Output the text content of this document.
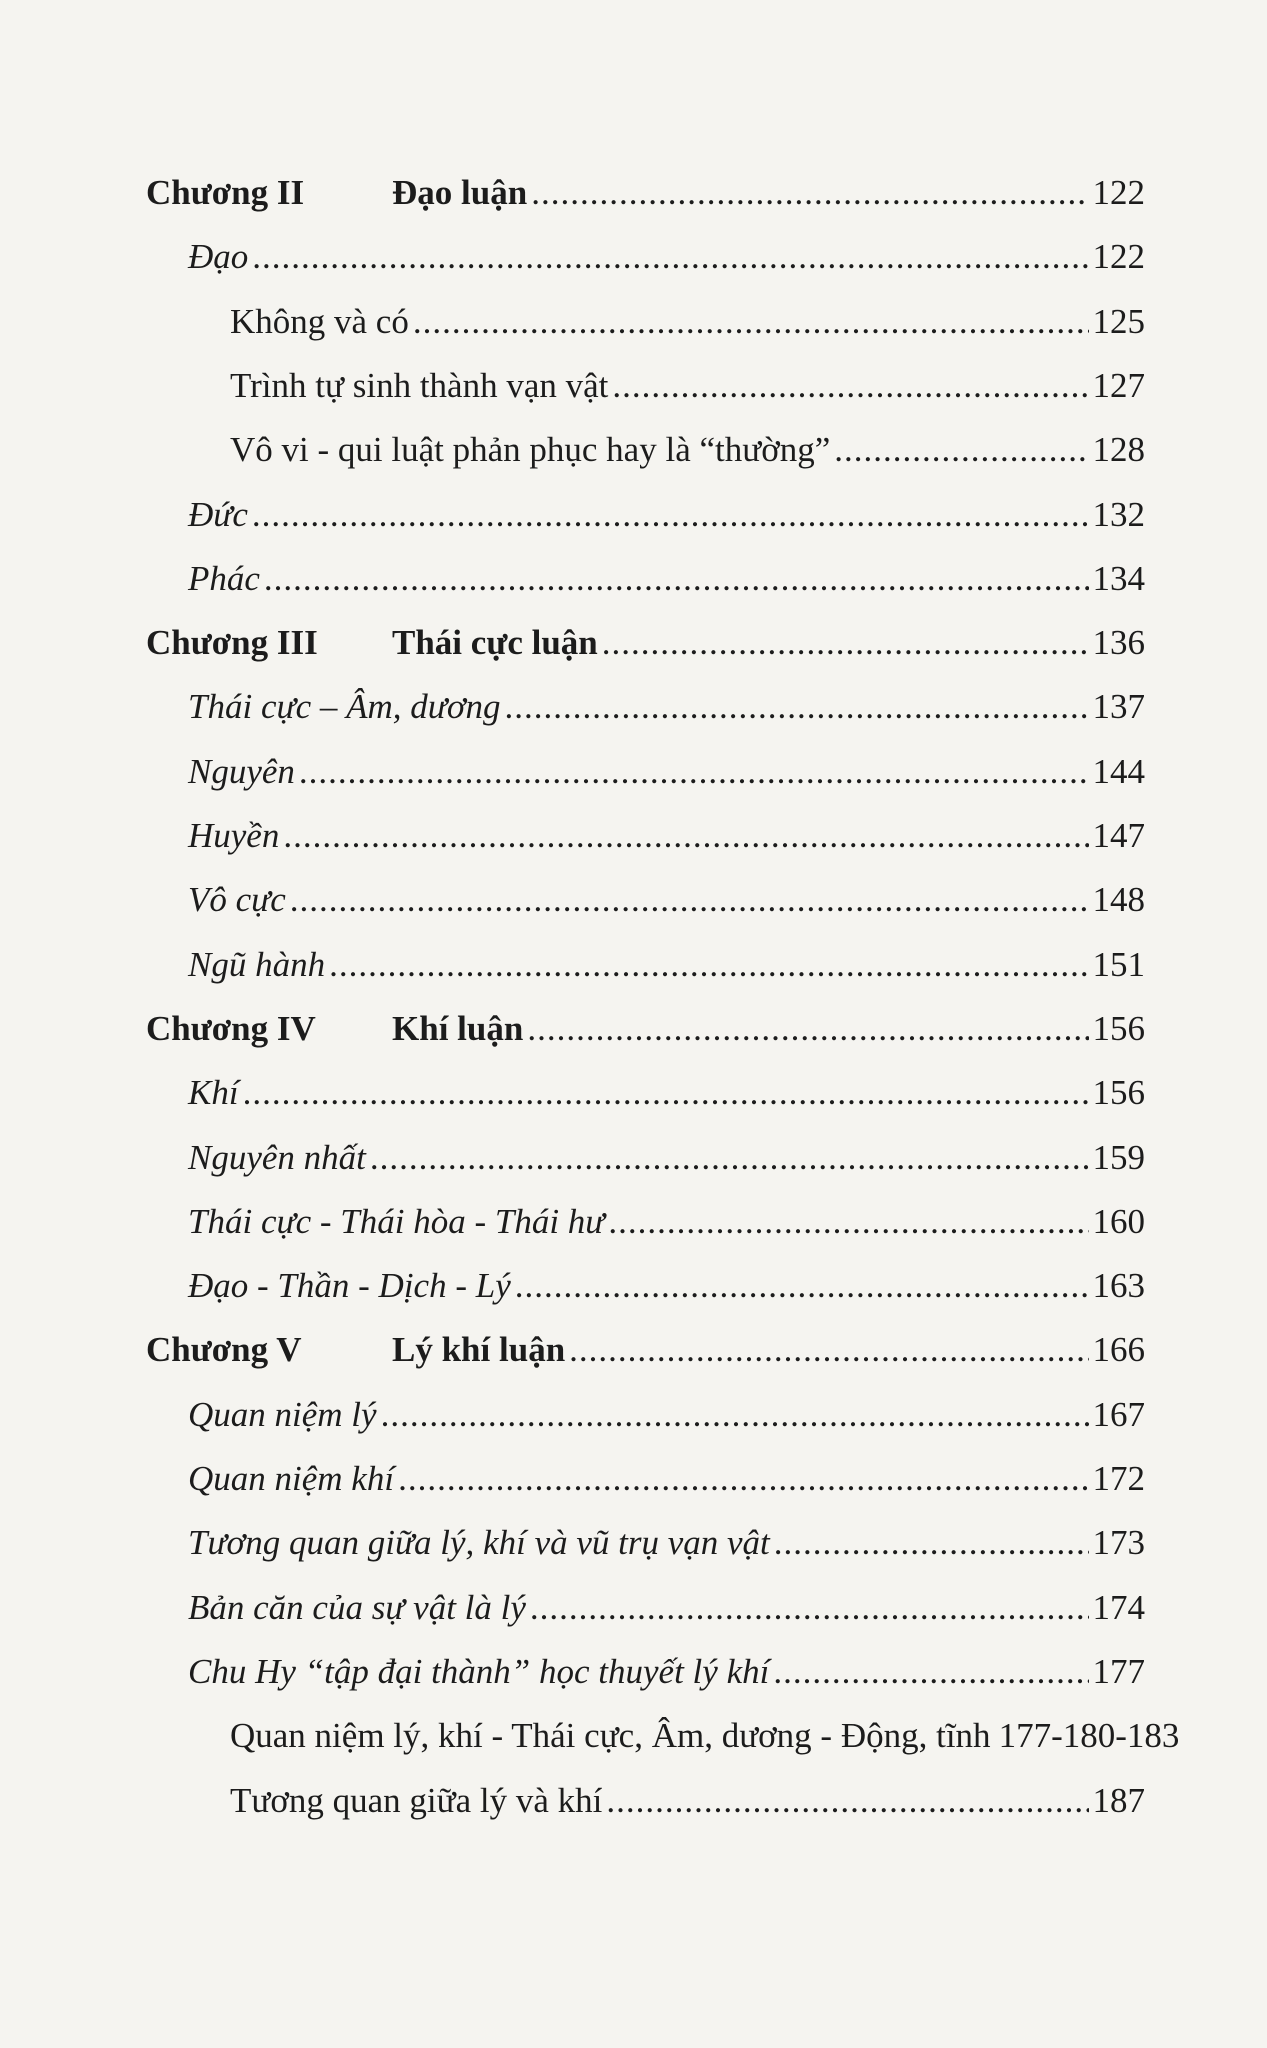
Chương II	Đạo luận .....	122
Đạo .....	122
Không và có .....	125
Trình tự sinh thành vạn vật .....	127
Vô vi - qui luật phản phục hay là “thường” .....	128
Đức .....	132
Phác .....	134
Chương III Thái cực luận .....	136
Thái cực – Âm, dương .....	137
Nguyên .....	144
Huyền .....	147
Vô cực .....	148
Ngũ hành .....	151
Chương IV Khí luận .....	156
Khí .....	156
Nguyên nhất .....	159
Thái cực - Thái hòa - Thái hư .....	160
Đạo - Thần - Dịch - Lý .....	163
Chương V	Lý khí luận .....	166
Quan niệm lý .....	167
Quan niệm khí .....	172
Tương quan giữa lý, khí và vũ trụ vạn vật .....	173
Bản căn của sự vật là lý .....	174
Chu Hy “tập đại thành” học thuyết lý khí .....	177
Quan niệm lý, khí - Thái cực, Âm, dương - Động, tĩnh 177-180-183
Tương quan giữa lý và khí .....	187
